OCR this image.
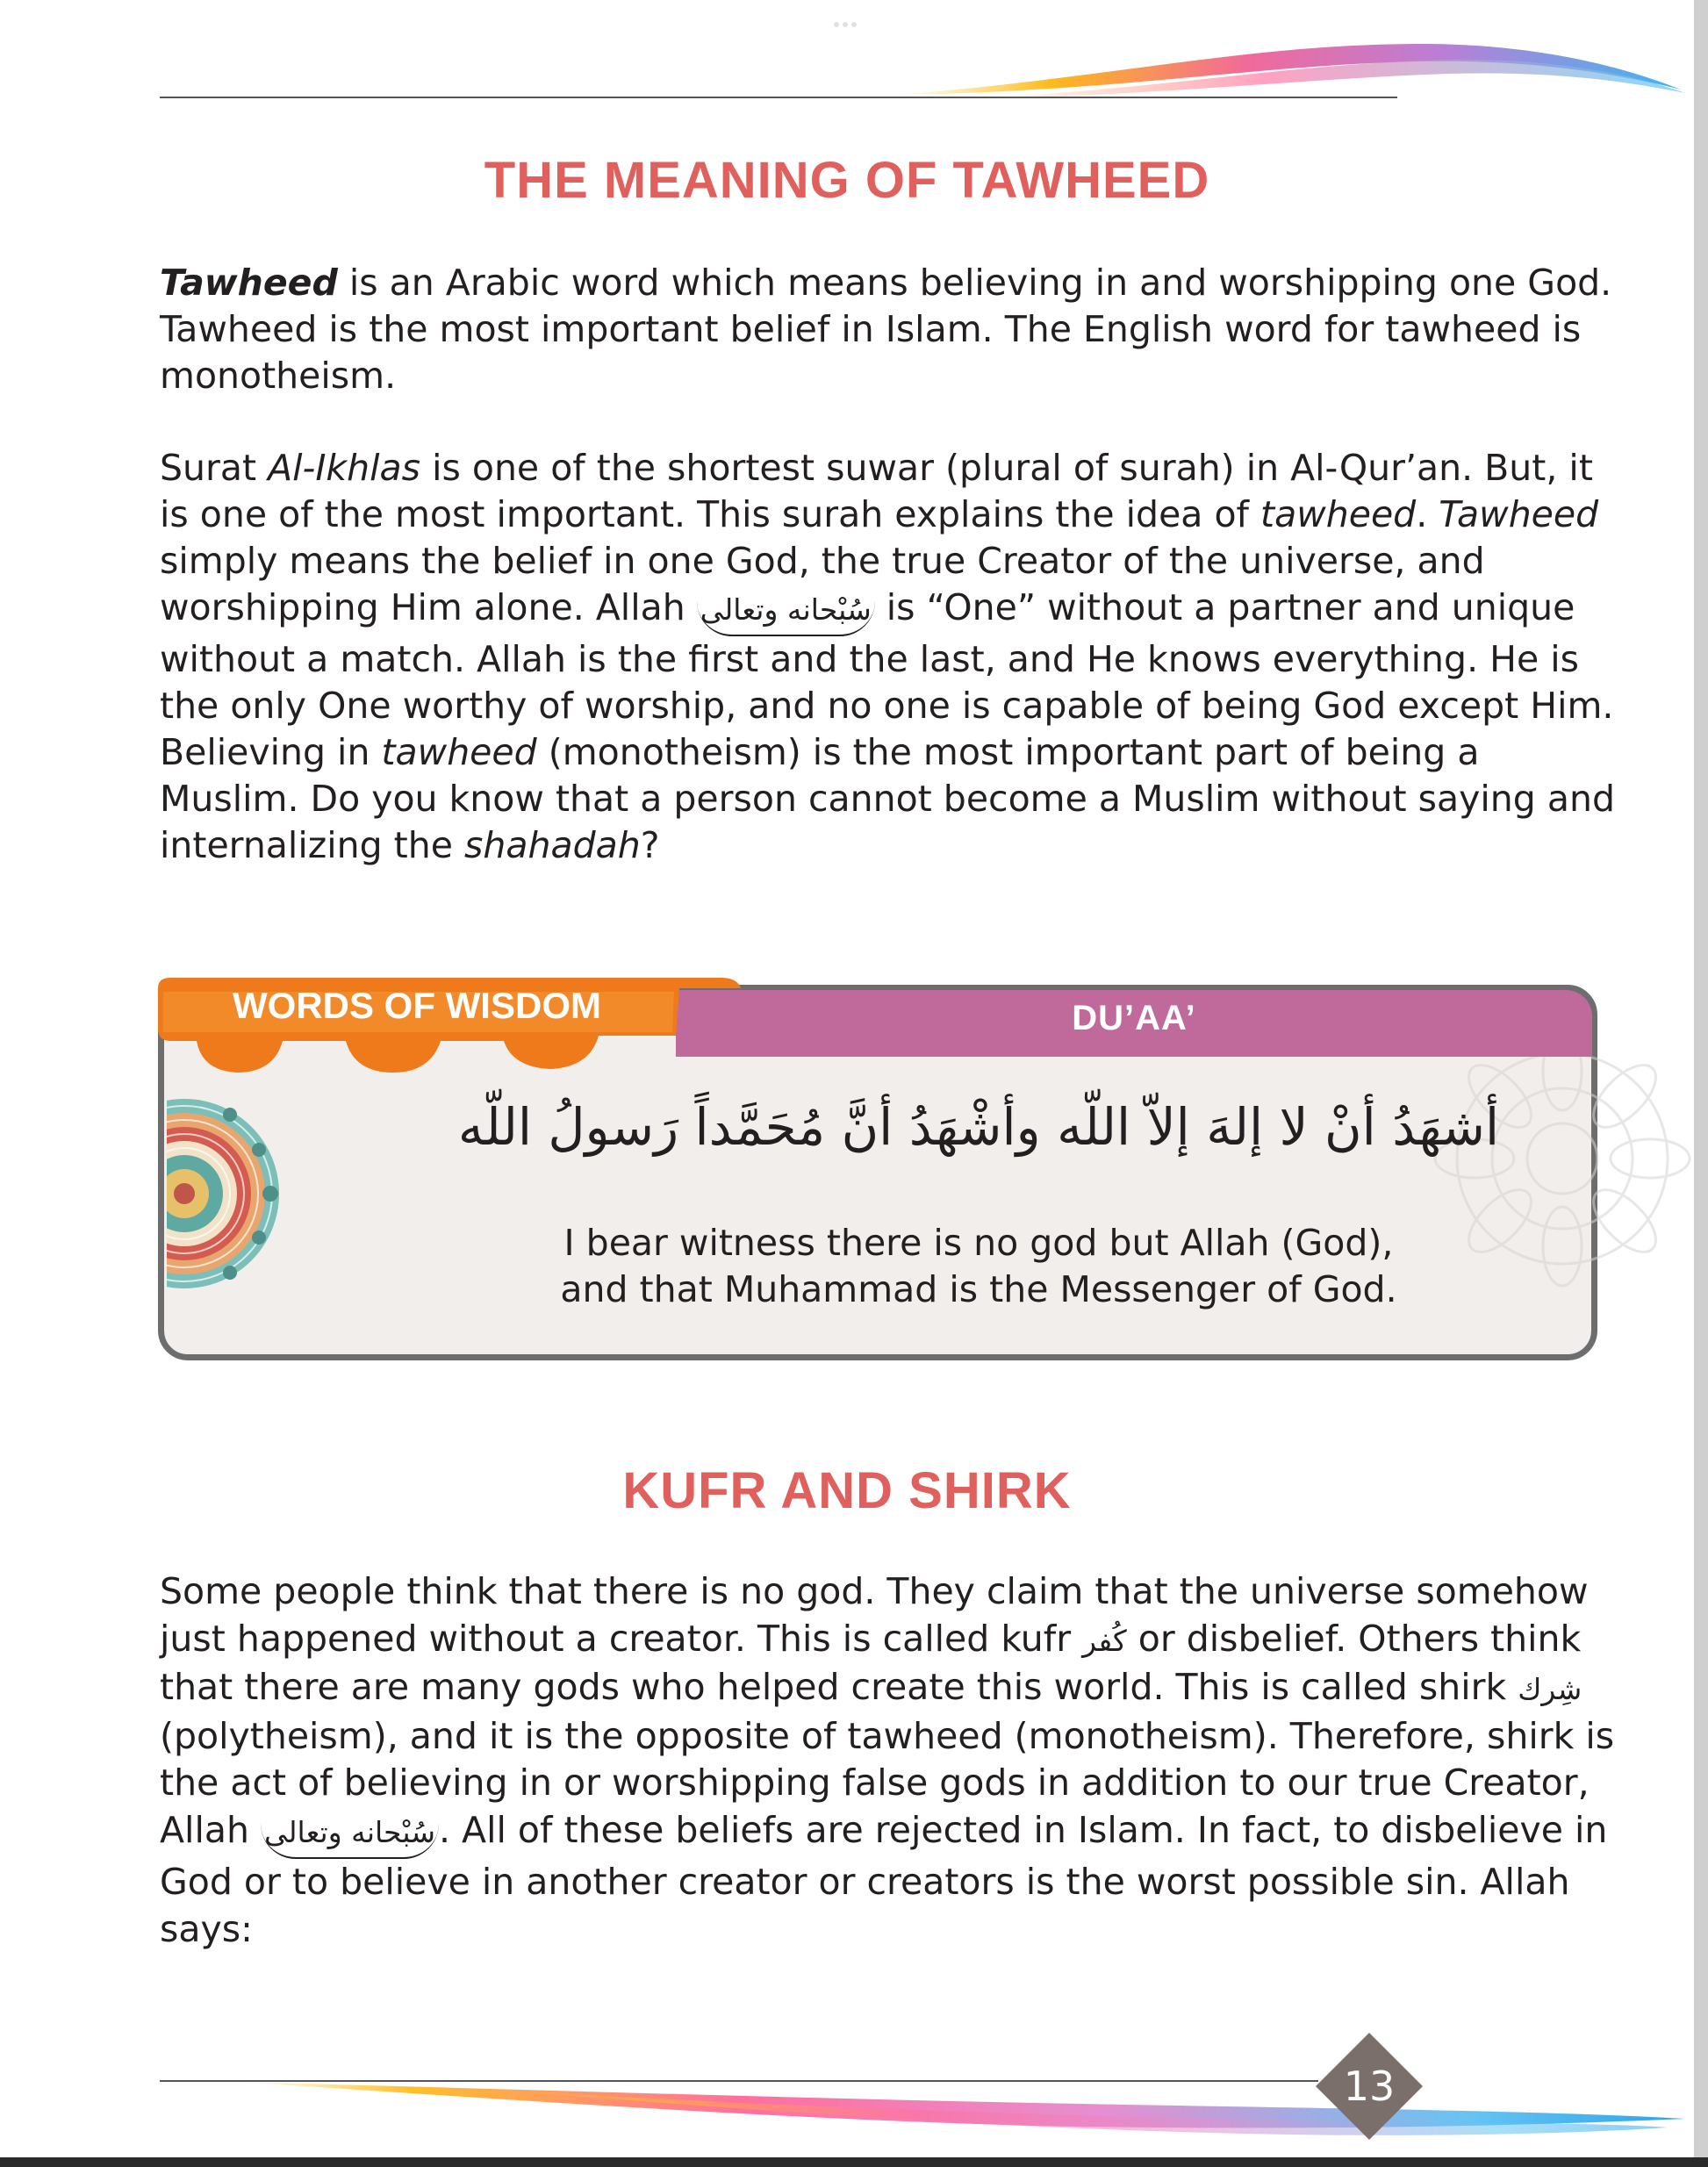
THE MEANING OF TAWHEED
Tawheed is an Arabic word which means believing in and worshipping one God. Tawheed is the most important belief in Islam. The English word for tawheed is monotheism.
Surat Al-Ikhlas is one of the shortest suwar (plural of surah) in Al-Qur’an. But, it is one of the most important. This surah explains the idea of tawheed. Tawheed simply means the belief in one God, the true Creator of the universe, and worshipping Him alone. Allah سُبْحانه وتعالى is “One” without a partner and unique without a match. Allah is the first and the last, and He knows everything. He is the only One worthy of worship, and no one is capable of being God except Him. Believing in tawheed (monotheism) is the most important part of being a Muslim. Do you know that a person cannot become a Muslim without saying and internalizing the shahadah?
DU’AA’
WORDS OF WISDOM
أشهَدُ أنْ لا إلهَ إلاّ اللّه وأشْهَدُ أنَّ مُحَمَّداً رَسولُ اللّه
I bear witness there is no god but Allah (God),
and that Muhammad is the Messenger of God.
KUFR AND SHIRK
Some people think that there is no god. They claim that the universe somehow just happened without a creator. This is called kufr كُفر or disbelief. Others think that there are many gods who helped create this world. This is called shirk شِرك (polytheism), and it is the opposite of tawheed (monotheism). Therefore, shirk is the act of believing in or worshipping false gods in addition to our true Creator, Allah سُبْحانه وتعالى. All of these beliefs are rejected in Islam. In fact, to disbelieve in God or to believe in another creator or creators is the worst possible sin. Allah says:
13
